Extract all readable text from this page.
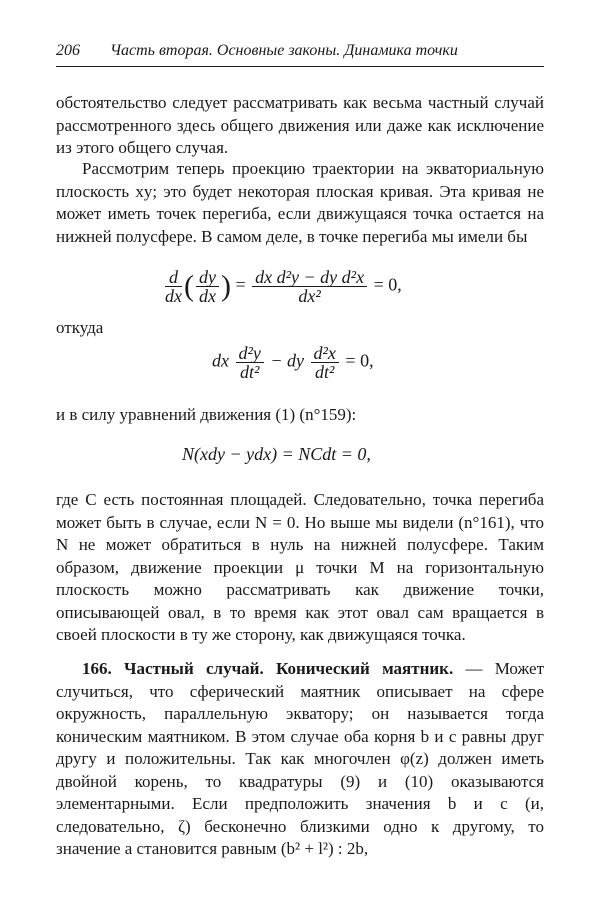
206 Часть вторая. Основные законы. Динамика точки
обстоятельство следует рассматривать как весьма частный случай рассмотренного здесь общего движения или даже как исключение из этого общего случая.
Рассмотрим теперь проекцию траектории на экваториальную плоскость xy; это будет некоторая плоская кривая. Эта кривая не может иметь точек перегиба, если движущаяся точка остается на нижней полусфере. В самом деле, в точке перегиба мы имели бы
$\frac{d}{dx}$ ( $\frac{dy}{dx}$ ) = $\frac{\text{dx d²y − dy d²x}}{\text{dx²}} = 0$,
откуда
dx $\frac{\text{d²y}}{\text{dt²}}$ − dy $\frac{\text{d²x}}{\text{dt²}} = 0$,
и в силу уравнений движения (1) (n°159):
N(xdy − ydx) = NCdt = 0,
где C есть постоянная площадей. Следовательно, точка перегиба может быть в случае, если N = 0. Но выше мы видели (n°161), что N не может обратиться в нуль на нижней полусфере. Таким образом, движение проекции μ точки M на горизонтальную плоскость можно рассматривать как движение точки, описывающей овал, в то время как этот овал сам вращается в своей плоскости в ту же сторону, как движущаяся точка.
166. Частный случай. Конический маятник. — Может случиться, что сферический маятник описывает на сфере окружность, параллельную экватору; он называется тогда коническим маятником. В этом случае оба корня b и c равны друг другу и положительны. Так как многочлен φ(z) должен иметь двойной корень, то квадратуры (9) и (10) оказываются элементарными. Если предположить значения b и c (и, следовательно, ζ) бесконечно близкими одно к другому, то значение a становится равным (b² + l²) : 2b,
